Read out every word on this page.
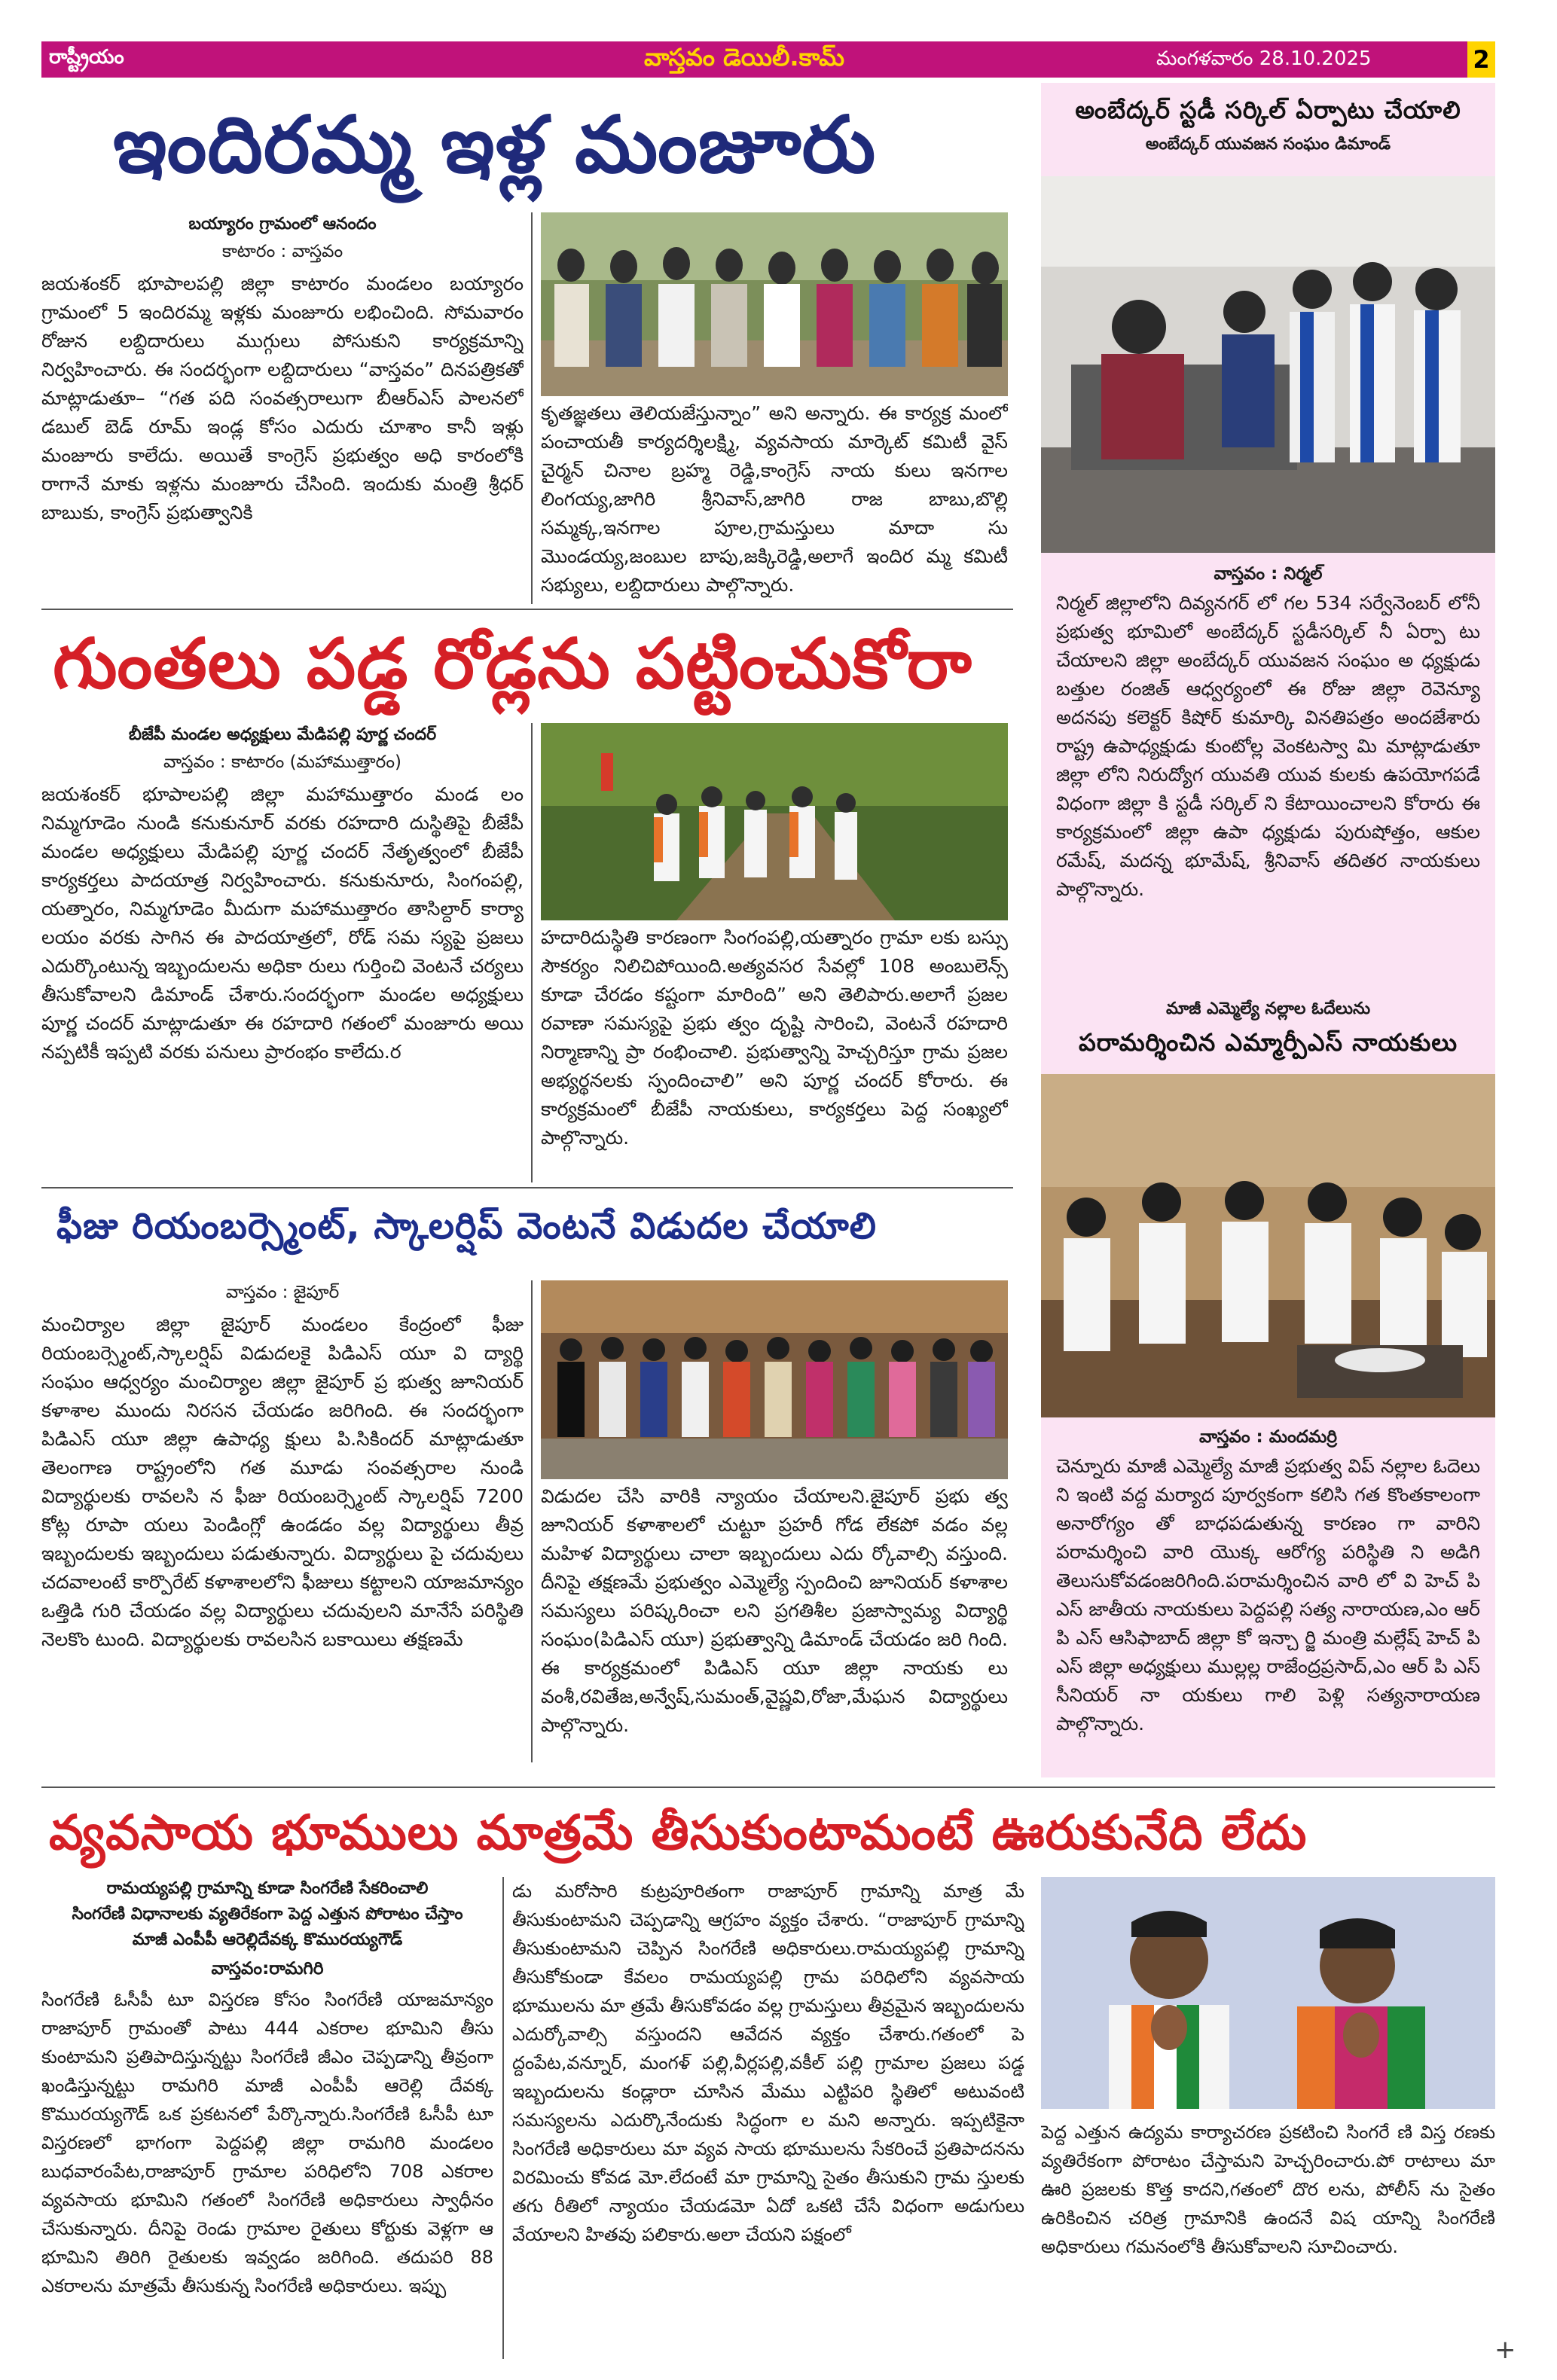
రాష్ట్రీయం	వాస్తవం డెయిలీ.కామ్	మంగళవారం 28.10.2025	2
ఇందిరమ్మ ఇళ్ల మంజూరు
బయ్యారం గ్రామంలో ఆనందం
కాటారం : వాస్తవం
జయశంకర్ భూపాలపల్లి జిల్లా కాటారం మండలం బయ్యారం గ్రామంలో 5 ఇందిరమ్మ ఇళ్లకు మంజూరు లభించింది. సోమవారం రోజున లబ్దిదారులు ముగ్గులు పోసుకుని కార్యక్రమాన్ని నిర్వహించారు. ఈ సందర్భంగా లబ్దిదారులు “వాస్తవం” దినపత్రికతో మాట్లాడుతూ– “గత పది సంవత్సరాలుగా బీఆర్ఎస్ పాలనలో డబుల్ బెడ్ రూమ్ ఇండ్ల కోసం ఎదురు చూశాం కానీ ఇళ్లు మంజూరు కాలేదు. అయితే కాంగ్రెస్ ప్రభుత్వం అధి కారంలోకి రాగానే మాకు ఇళ్లను మంజూరు చేసింది. ఇందుకు మంత్రి శ్రీధర్ బాబుకు, కాంగ్రెస్ ప్రభుత్వానికి
కృతజ్ఞతలు తెలియజేస్తున్నాం” అని అన్నారు. ఈ కార్యక్ర మంలో పంచాయతీ కార్యదర్శిలక్ష్మి, వ్యవసాయ మార్కెట్ కమిటీ వైస్ చైర్మన్ చినాల బ్రహ్మ రెడ్డి,కాంగ్రెస్ నాయ కులు ఇనగాల లింగయ్య,జాగిరి శ్రీనివాస్,జాగిరి రాజ బాబు,బొల్లి సమ్మక్క,ఇనగాల పూల,గ్రామస్తులు మాదా సు మొండయ్య,జంబుల బాపు,జక్కిరెడ్డి,అలాగే ఇందిర మ్మ కమిటీ సభ్యులు, లబ్దిదారులు పాల్గొన్నారు.
గుంతలు పడ్డ రోడ్లను పట్టించుకోరా
బీజేపీ మండల అధ్యక్షులు మేడిపల్లి పూర్ణ చందర్
వాస్తవం : కాటారం (మహాముత్తారం)
జయశంకర్ భూపాలపల్లి జిల్లా మహాముత్తారం మండ లం నిమ్మగూడెం నుండి కనుకునూర్ వరకు రహదారి దుస్థితిపై బీజేపీ మండల అధ్యక్షులు మేడిపల్లి పూర్ణ చందర్ నేతృత్వంలో బీజేపీ కార్యకర్తలు పాదయాత్ర నిర్వహించారు. కనుకునూరు, సింగంపల్లి, యత్నారం, నిమ్మగూడెం మీదుగా మహాముత్తారం తాసిల్దార్ కార్యా లయం వరకు సాగిన ఈ పాదయాత్రలో, రోడ్ సమ స్యపై ప్రజలు ఎదుర్కొంటున్న ఇబ్బందులను అధికా రులు గుర్తించి వెంటనే చర్యలు తీసుకోవాలని డిమాండ్ చేశారు.సందర్భంగా మండల అధ్యక్షులు పూర్ణ చందర్ మాట్లాడుతూ ఈ రహదారి గతంలో మంజూరు అయి నప్పటికీ ఇప్పటి వరకు పనులు ప్రారంభం కాలేదు.ర
హదారిదుస్థితి కారణంగా సింగంపల్లి,యత్నారం గ్రామా లకు బస్సు సౌకర్యం నిలిచిపోయింది.అత్యవసర సేవల్లో 108 అంబులెన్స్ కూడా చేరడం కష్టంగా మారింది” అని తెలిపారు.అలాగే ప్రజల రవాణా సమస్యపై ప్రభు త్వం దృష్టి సారించి, వెంటనే రహదారి నిర్మాణాన్ని ప్రా రంభించాలి. ప్రభుత్వాన్ని హెచ్చరిస్తూ గ్రామ ప్రజల అభ్యర్థనలకు స్పందించాలి” అని పూర్ణ చందర్ కోరారు. ఈ కార్యక్రమంలో బీజేపీ నాయకులు, కార్యకర్తలు పెద్ద సంఖ్యలో పాల్గొన్నారు.
ఫీజు రియంబర్స్మెంట్, స్కాలర్షిప్ వెంటనే విడుదల చేయాలి
వాస్తవం : జైపూర్
మంచిర్యాల జిల్లా జైపూర్ మండలం కేంద్రంలో ఫీజు రియంబర్స్మెంట్,స్కాలర్షిప్ విడుదలకై పిడిఎస్ యూ వి ద్యార్థి సంఘం ఆధ్వర్యం మంచిర్యాల జిల్లా జైపూర్ ప్ర భుత్వ జూనియర్ కళాశాల ముందు నిరసన చేయడం జరిగింది. ఈ సందర్భంగా పిడిఎస్ యూ జిల్లా ఉపాధ్య క్షులు పి.సికిందర్ మాట్లాడుతూ తెలంగాణ రాష్ట్రంలోని గత మూడు సంవత్సరాల నుండి విద్యార్థులకు రావలసి న ఫీజు రియంబర్స్మెంట్ స్కాలర్షిప్ 7200 కోట్ల రూపా యలు పెండింగ్లో ఉండడం వల్ల విద్యార్థులు తీవ్ర ఇబ్బందులకు ఇబ్బందులు పడుతున్నారు. విద్యార్థులు పై చదువులు చదవాలంటే కార్పొరేట్ కళాశాలలోని ఫీజులు కట్టాలని యాజమాన్యం ఒత్తిడి గురి చేయడం వల్ల విద్యార్థులు చదువులని మానేసే పరిస్థితి నెలకొం టుంది. విద్యార్థులకు రావలసిన బకాయిలు తక్షణమే
విడుదల చేసి వారికి న్యాయం చేయాలని.జైపూర్ ప్రభు త్వ జూనియర్ కళాశాలలో చుట్టూ ప్రహరీ గోడ లేకపో వడం వల్ల మహిళ విద్యార్థులు చాలా ఇబ్బందులు ఎదు ర్కోవాల్సి వస్తుంది. దీనిపై తక్షణమే ప్రభుత్వం ఎమ్మెల్యే స్పందించి జూనియర్ కళాశాల సమస్యలు పరిష్కరించా లని ప్రగతిశీల ప్రజాస్వామ్య విద్యార్థి సంఘం(పిడిఎస్ యూ) ప్రభుత్వాన్ని డిమాండ్ చేయడం జరి గింది. ఈ కార్యక్రమంలో పిడిఎస్ యూ జిల్లా నాయకు లు వంశీ,రవితేజ,అన్వేష్,సుమంత్,వైష్ణవి,రోజా,మేఘన విద్యార్థులు పాల్గొన్నారు.
అంబేద్కర్ స్టడీ సర్కిల్ ఏర్పాటు చేయాలి
అంబేద్కర్ యువజన సంఘం డిమాండ్
వాస్తవం : నిర్మల్
నిర్మల్ జిల్లాలోని దివ్యనగర్ లో గల 534 సర్వేనెంబర్ లోనీ ప్రభుత్వ భూమిలో అంబేద్కర్ స్టడీసర్కిల్ నీ ఏర్పా టు చేయాలని జిల్లా అంబేద్కర్ యువజన సంఘం అ ధ్యక్షుడు బత్తుల రంజిత్ ఆధ్వర్యంలో ఈ రోజు జిల్లా రెవెన్యూ అదనపు కలెక్టర్ కిషోర్ కుమార్కి వినతిపత్రం అందజేశారు రాష్ట్ర ఉపాధ్యక్షుడు కుంటోల్ల వెంకటస్వా మి మాట్లాడుతూ జిల్లా లోని నిరుద్యోగ యువతి యువ కులకు ఉపయోగపడే విధంగా జిల్లా కి స్టడీ సర్కిల్ ని కేటాయించాలని కోరారు ఈ కార్యక్రమంలో జిల్లా ఉపా ధ్యక్షుడు పురుషోత్తం, ఆకుల రమేష్, మదన్న భూమేష్, శ్రీనివాస్ తదితర నాయకులు పాల్గొన్నారు.
మాజీ ఎమ్మెల్యే నల్లాల ఓదేలును
పరామర్శించిన ఎమ్మార్పీఎస్ నాయకులు
వాస్తవం : మందమర్రి
చెన్నూరు మాజీ ఎమ్మెల్యే మాజీ ప్రభుత్వ విప్ నల్లాల ఓదెలు ని ఇంటి వద్ద మర్యాద పూర్వకంగా కలిసి గత కొంతకాలంగా అనారోగ్యం తో బాధపడుతున్న కారణం గా వారిని పరామర్శించి వారి యొక్క ఆరోగ్య పరిస్థితి ని అడిగి తెలుసుకోవడంజరిగింది.పరామర్శించిన వారి లో వి హెచ్ పి ఎస్ జాతీయ నాయకులు పెద్దపల్లి సత్య నారాయణ,ఎం ఆర్ పి ఎస్ ఆసిఫాబాద్ జిల్లా కో ఇన్చా ర్జి మంత్రి మల్లేష్ హెచ్ పి ఎస్ జిల్లా అధ్యక్షులు ముల్లల్ల రాజేంద్రప్రసాద్,ఎం ఆర్ పి ఎస్ సీనియర్ నా యకులు గాలి పెళ్లి సత్యనారాయణ పాల్గొన్నారు.
వ్యవసాయ భూములు మాత్రమే తీసుకుంటామంటే ఊరుకునేది లేదు
రామయ్యపల్లి గ్రామాన్ని కూడా సింగరేణి సేకరించాలి
సింగరేణి విధానాలకు వ్యతిరేకంగా పెద్ద ఎత్తున పోరాటం చేస్తాం
మాజీ ఎంపీపీ ఆరెల్లిదేవక్క కొమురయ్యగౌడ్
వాస్తవం:రామగిరి
సింగరేణి ఓసీపీ టూ విస్తరణ కోసం సింగరేణి యాజమాన్యం రాజాపూర్ గ్రామంతో పాటు 444 ఎకరాల భూమిని తీసు కుంటామని ప్రతిపాదిస్తున్నట్టు సింగరేణి జీఎం చెప్పడాన్ని తీవ్రంగా ఖండిస్తున్నట్టు రామగిరి మాజీ ఎంపీపీ ఆరెల్లి దేవక్క కొమురయ్యగౌడ్ ఒక ప్రకటనలో పేర్కొన్నారు.సింగరేణి ఓసీపీ టూ విస్తరణలో భాగంగా పెద్దపల్లి జిల్లా రామగిరి మండలం బుధవారంపేట,రాజాపూర్ గ్రామాల పరిధిలోని 708 ఎకరాల వ్యవసాయ భూమిని గతంలో సింగరేణి అధికారులు స్వాధీనం చేసుకున్నారు. దీనిపై రెండు గ్రామాల రైతులు కోర్టుకు వెళ్లగా ఆ భూమిని తిరిగి రైతులకు ఇవ్వడం జరిగింది. తదుపరి 88 ఎకరాలను మాత్రమే తీసుకున్న సింగరేణి అధికారులు. ఇప్పు
డు మరోసారి కుట్రపూరితంగా రాజాపూర్ గ్రామాన్ని మాత్ర మే తీసుకుంటామని చెప్పడాన్ని ఆగ్రహం వ్యక్తం చేశారు. “రాజాపూర్ గ్రామాన్ని తీసుకుంటామని చెప్పిన సింగరేణి అధికారులు.రామయ్యపల్లి గ్రామాన్ని తీసుకోకుండా కేవలం రామయ్యపల్లి గ్రామ పరిధిలోని వ్యవసాయ భూములను మా త్రమే తీసుకోవడం వల్ల గ్రామస్తులు తీవ్రమైన ఇబ్బందులను ఎదుర్కోవాల్సి వస్తుందని ఆవేదన వ్యక్తం చేశారు.గతంలో పె ద్దంపేట,వన్నూర్, మంగళ్ పల్లి,వీర్లపల్లి,వకీల్ పల్లి గ్రామాల ప్రజలు పడ్డ ఇబ్బందులను కండ్లారా చూసిన మేము ఎట్టిపరి స్థితిలో అటువంటి సమస్యలను ఎదుర్కొనేందుకు సిద్ధంగా ల మని అన్నారు. ఇప్పటికైనా సింగరేణి అధికారులు మా వ్యవ సాయ భూములను సేకరించే ప్రతిపాదనను విరమించు కోవడ మో.లేదంటే మా గ్రామాన్ని సైతం తీసుకుని గ్రామ స్తులకు తగు రీతిలో న్యాయం చేయడమో ఏదో ఒకటి చేసే విధంగా అడుగులు వేయాలని హితవు పలికారు.అలా చేయని పక్షంలో
పెద్ద ఎత్తున ఉద్యమ కార్యాచరణ ప్రకటించి సింగరే ణి విస్త రణకు వ్యతిరేకంగా పోరాటం చేస్తామని హెచ్చరించారు.పో రాటాలు మా ఊరి ప్రజలకు కొత్త కాదని,గతంలో దొర లను, పోలీస్ ను సైతం ఉరికించిన చరిత్ర గ్రామానికి ఉందనే విష యాన్ని సింగరేణి అధికారులు గమనంలోకి తీసుకోవాలని సూచించారు.
+
